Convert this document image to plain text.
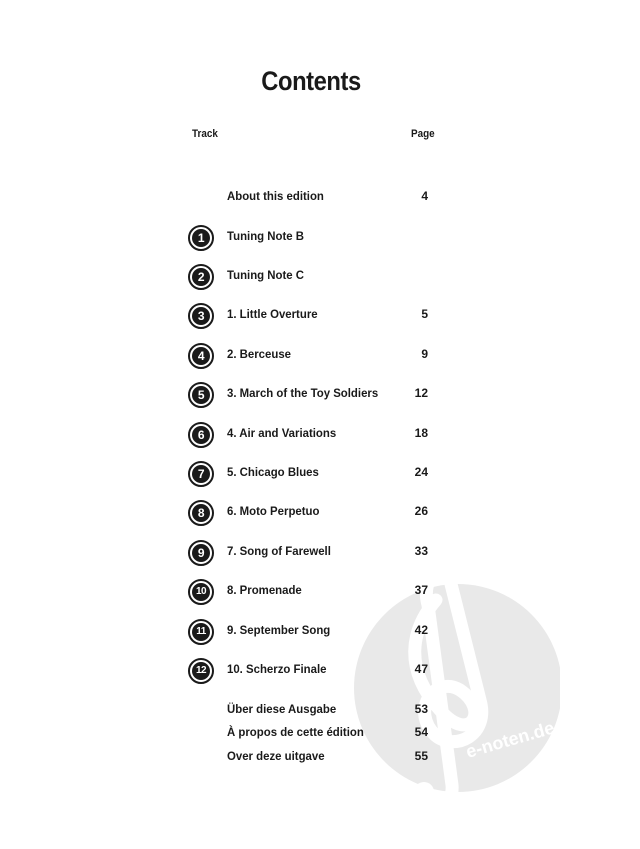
e-noten.de
Contents
Track	Page
About this edition	4
1	Tuning Note B
2	Tuning Note C
3	1. Little Overture	5
4	2. Berceuse	9
5	3. March of the Toy Soldiers	12
6	4. Air and Variations	18
7	5. Chicago Blues	24
8	6. Moto Perpetuo	26
9	7. Song of Farewell	33
10	8. Promenade	37
11	9. September Song	42
12	10. Scherzo Finale	47
Über diese Ausgabe	53
À propos de cette édition	54
Over deze uitgave	55
